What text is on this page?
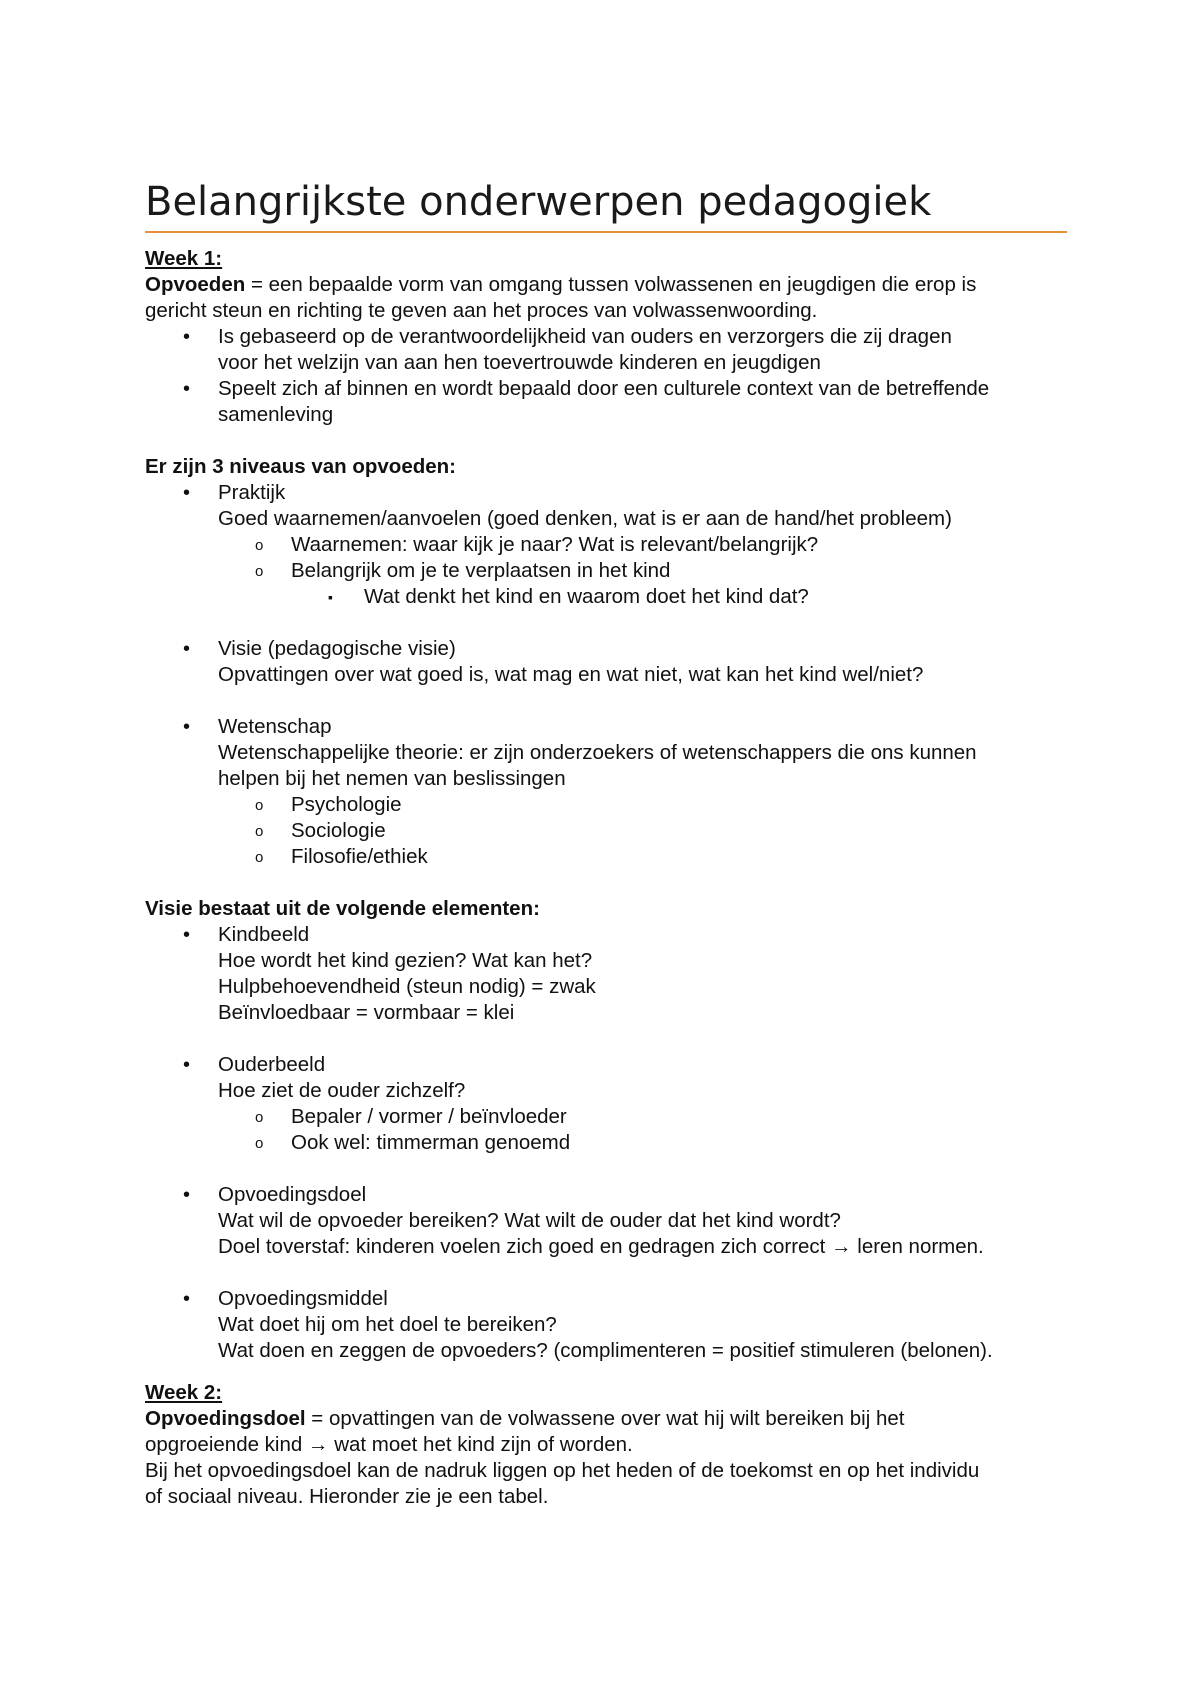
Belangrijkste onderwerpen pedagogiek
Week 1:
Opvoeden = een bepaalde vorm van omgang tussen volwassenen en jeugdigen die erop is
gericht steun en richting te geven aan het proces van volwassenwoording.
• Is gebaseerd op de verantwoordelijkheid van ouders en verzorgers die zij dragen
voor het welzijn van aan hen toevertrouwde kinderen en jeugdigen
• Speelt zich af binnen en wordt bepaald door een culturele context van de betreffende
samenleving
Er zijn 3 niveaus van opvoeden:
• Praktijk
Goed waarnemen/aanvoelen (goed denken, wat is er aan de hand/het probleem)
o Waarnemen: waar kijk je naar? Wat is relevant/belangrijk?
o Belangrijk om je te verplaatsen in het kind
▪ Wat denkt het kind en waarom doet het kind dat?
• Visie (pedagogische visie)
Opvattingen over wat goed is, wat mag en wat niet, wat kan het kind wel/niet?
• Wetenschap
Wetenschappelijke theorie: er zijn onderzoekers of wetenschappers die ons kunnen
helpen bij het nemen van beslissingen
o Psychologie
o Sociologie
o Filosofie/ethiek
Visie bestaat uit de volgende elementen:
• Kindbeeld
Hoe wordt het kind gezien? Wat kan het?
Hulpbehoevendheid (steun nodig) = zwak
Beïnvloedbaar = vormbaar = klei
• Ouderbeeld
Hoe ziet de ouder zichzelf?
o Bepaler / vormer / beïnvloeder
o Ook wel: timmerman genoemd
• Opvoedingsdoel
Wat wil de opvoeder bereiken? Wat wilt de ouder dat het kind wordt?
Doel toverstaf: kinderen voelen zich goed en gedragen zich correct → leren normen.
• Opvoedingsmiddel
Wat doet hij om het doel te bereiken?
Wat doen en zeggen de opvoeders? (complimenteren = positief stimuleren (belonen).
Week 2:
Opvoedingsdoel = opvattingen van de volwassene over wat hij wilt bereiken bij het
opgroeiende kind → wat moet het kind zijn of worden.
Bij het opvoedingsdoel kan de nadruk liggen op het heden of de toekomst en op het individu
of sociaal niveau. Hieronder zie je een tabel.
